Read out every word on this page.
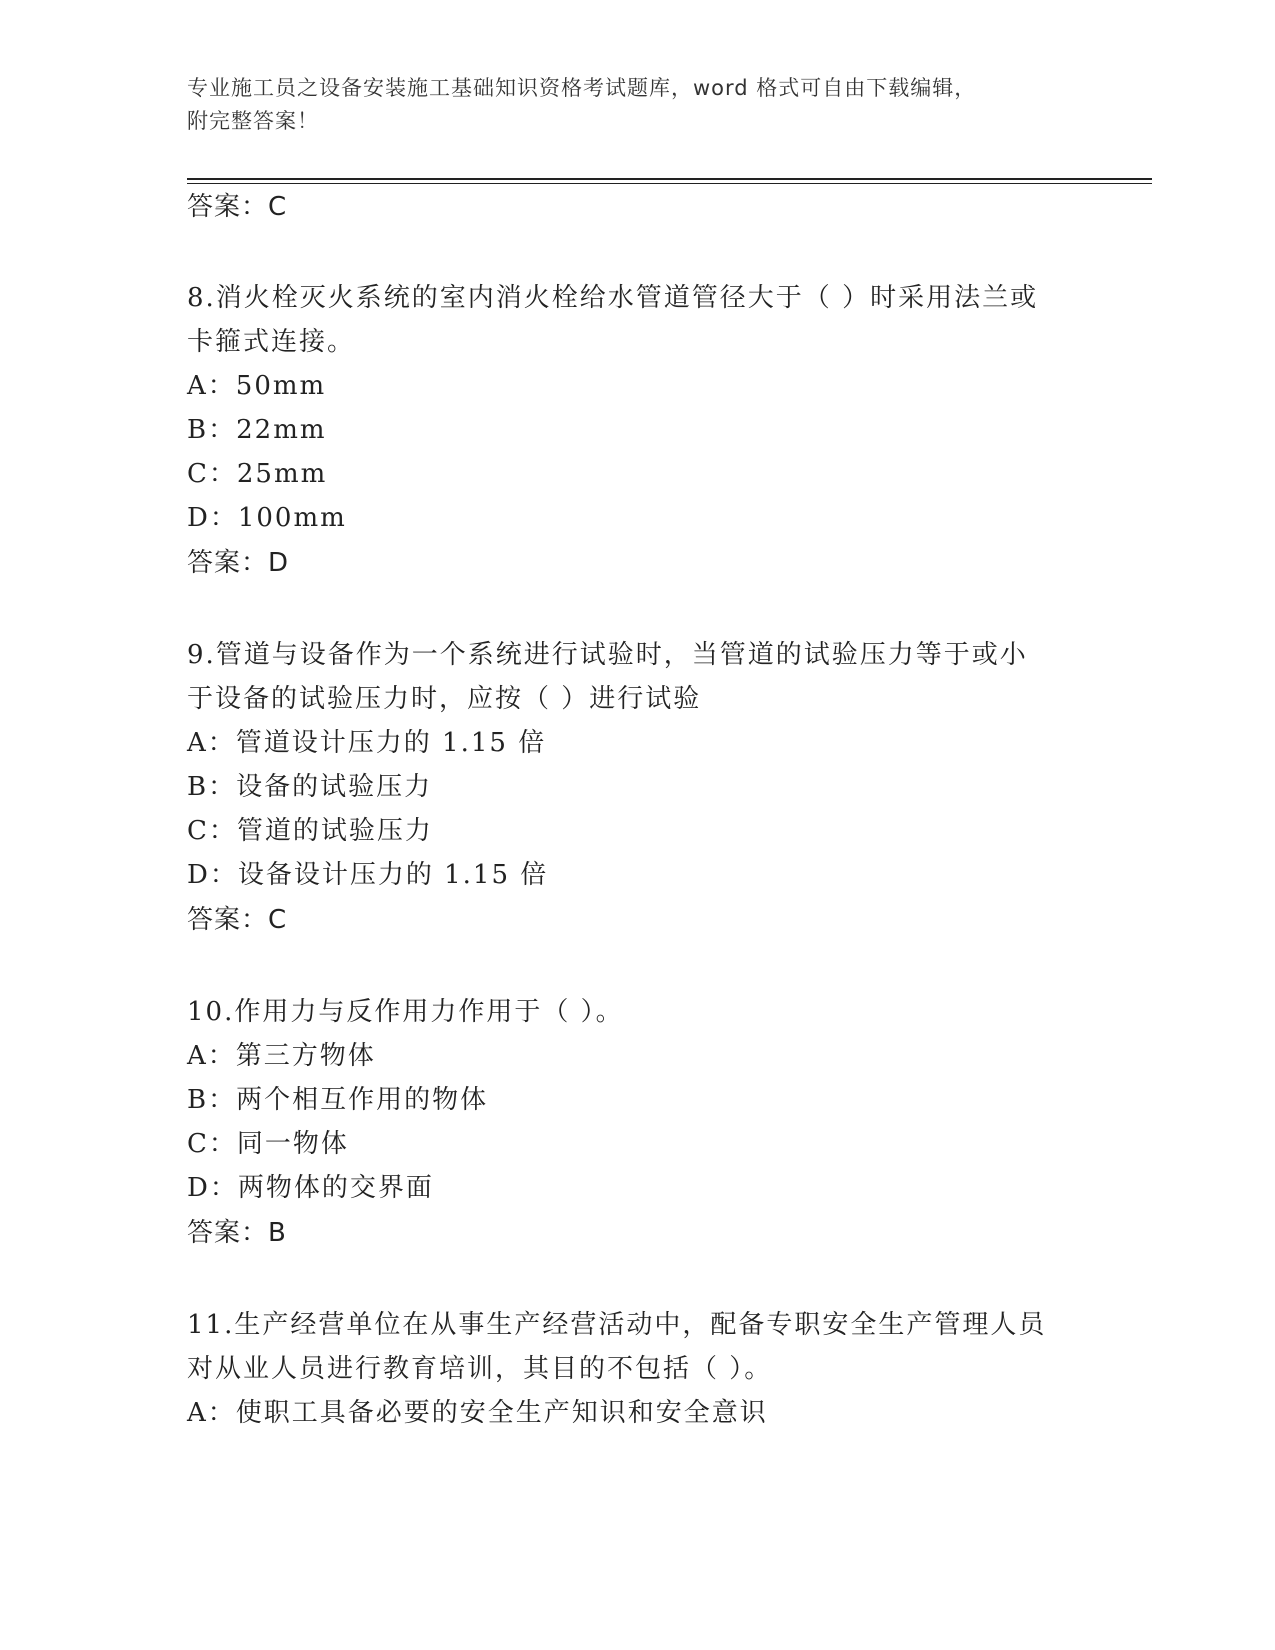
专业施工员之设备安装施工基础知识资格考试题库，word 格式可自由下载编辑，
附完整答案！
答案：C
8.消火栓灭火系统的室内消火栓给水管道管径大于（ ）时采用法兰或
卡箍式连接。
A：50mm
B：22mm
C：25mm
D：100mm
答案：D
9.管道与设备作为一个系统进行试验时，当管道的试验压力等于或小
于设备的试验压力时，应按（ ）进行试验
A：管道设计压力的 1.15 倍
B：设备的试验压力
C：管道的试验压力
D：设备设计压力的 1.15 倍
答案：C
10.作用力与反作用力作用于（ ）。
A：第三方物体
B：两个相互作用的物体
C：同一物体
D：两物体的交界面
答案：B
11.生产经营单位在从事生产经营活动中，配备专职安全生产管理人员
对从业人员进行教育培训，其目的不包括（ ）。
A：使职工具备必要的安全生产知识和安全意识
